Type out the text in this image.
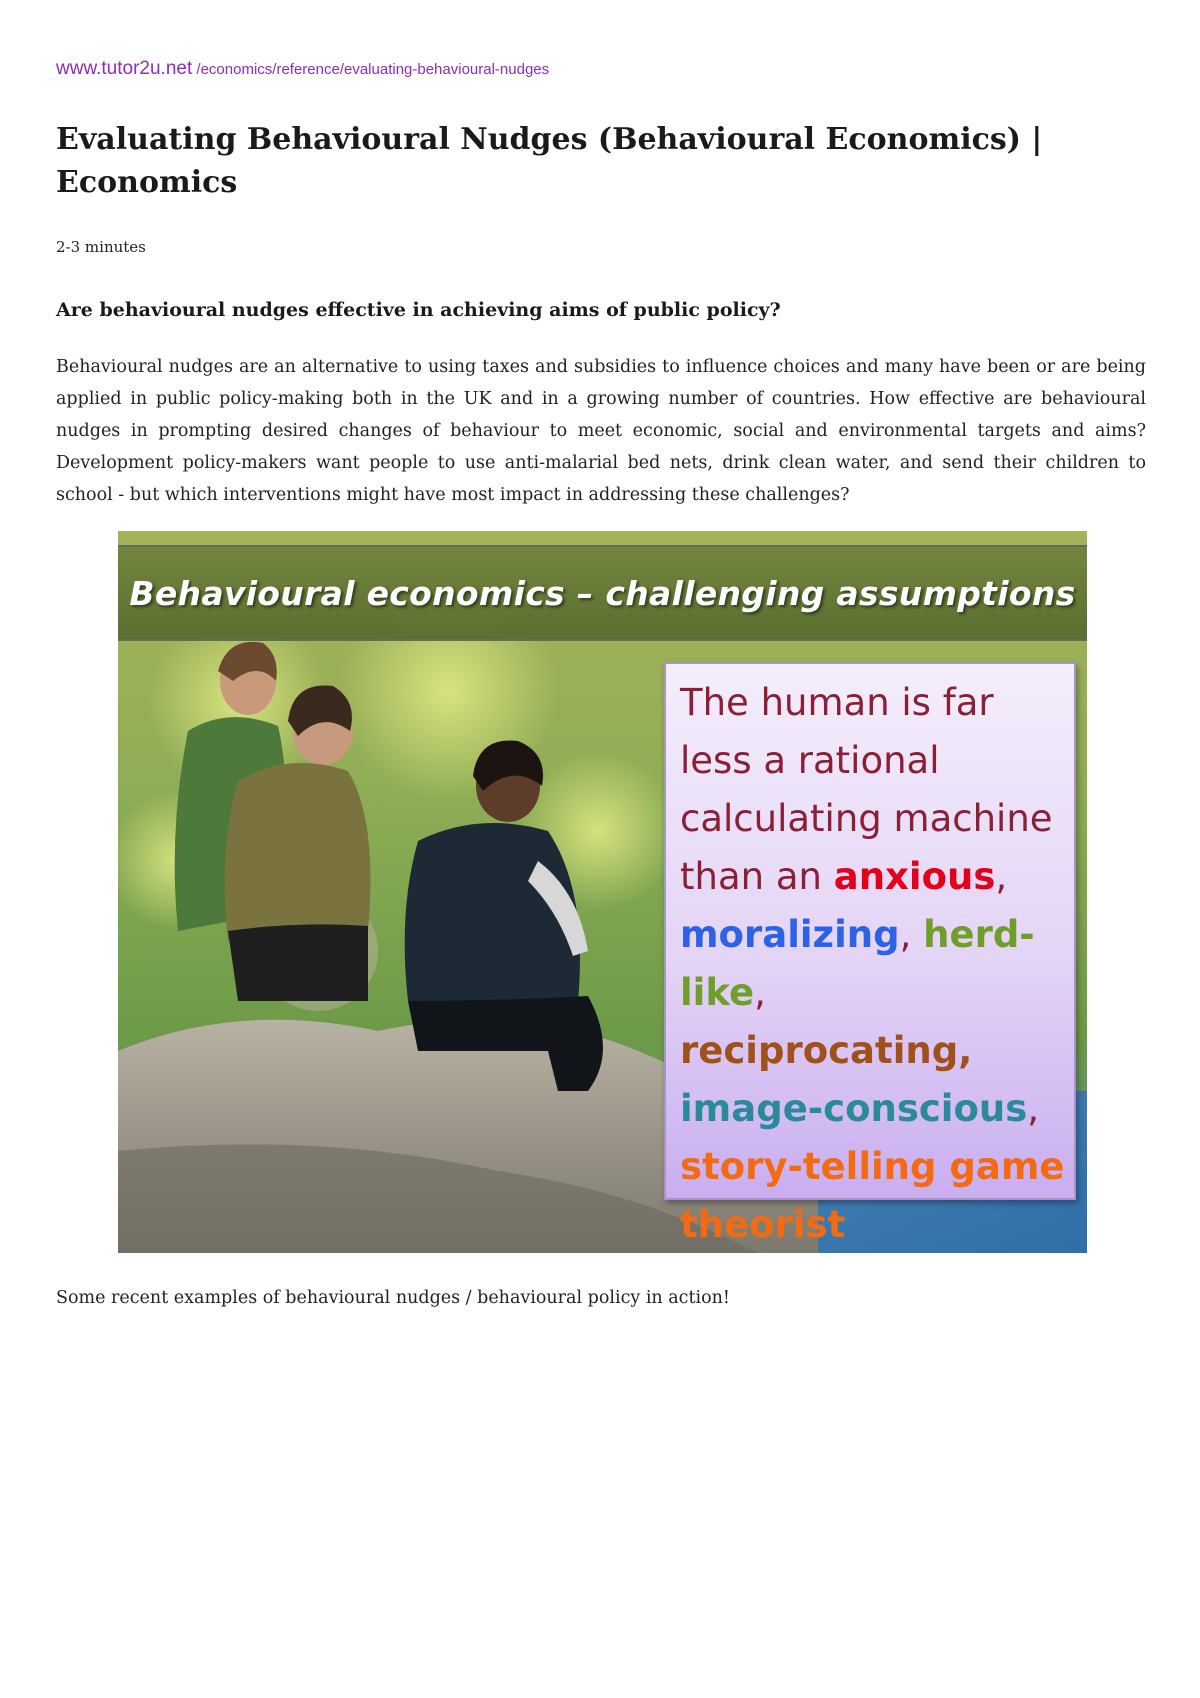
www.tutor2u.net /economics/reference/evaluating-behavioural-nudges
Evaluating Behavioural Nudges (Behavioural Economics) | Economics

2-3 minutes

Are behavioural nudges effective in achieving aims of public policy?

Behavioural nudges are an alternative to using taxes and subsidies to influence choices and many have been or are being applied in public policy-making both in the UK and in a growing number of countries. How effective are behavioural nudges in prompting desired changes of behaviour to meet economic, social and environmental targets and aims? Development policy-makers want people to use anti-malarial bed nets, drink clean water, and send their children to school - but which interventions might have most impact in addressing these challenges?

Behavioural economics – challenging assumptions
The human is far less a rational calculating machine than an anxious, moralizing, herd-like, reciprocating, image-conscious, story-telling game theorist

Some recent examples of behavioural nudges / behavioural policy in action!
